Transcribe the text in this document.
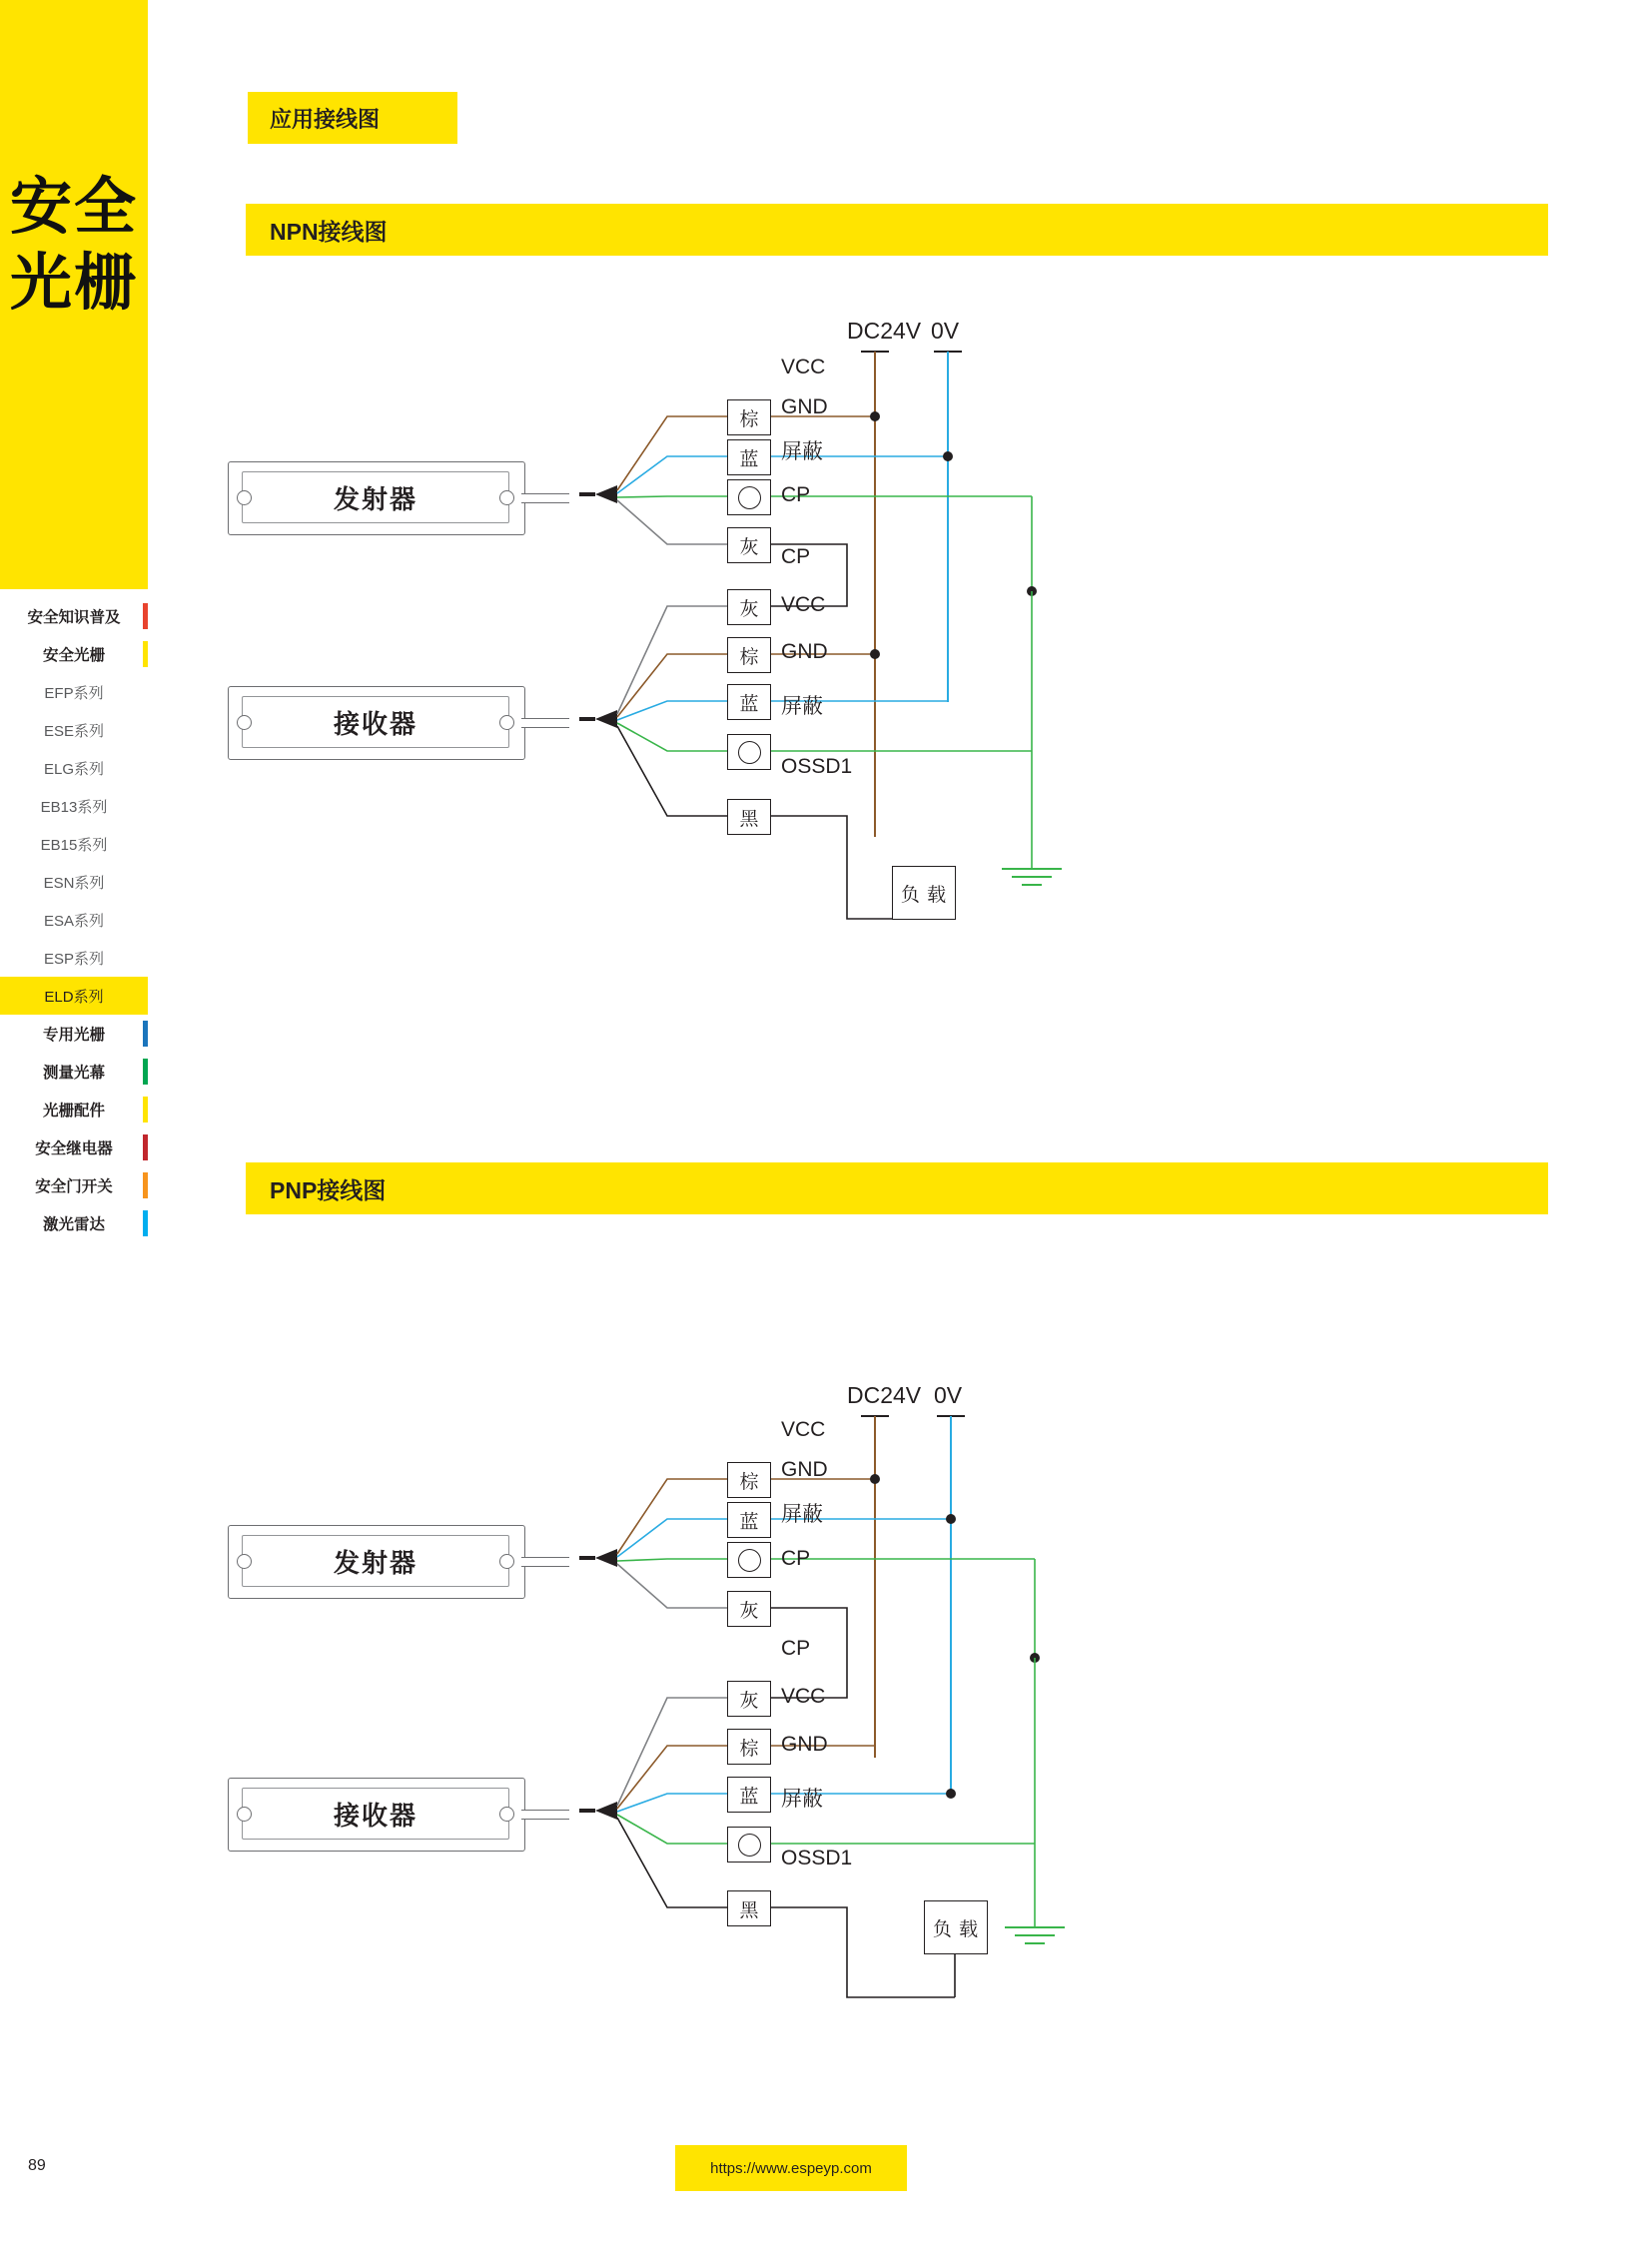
安全光栅
安全知识普及
安全光栅
EFP系列
ESE系列
ELG系列
EB13系列
EB15系列
ESN系列
ESA系列
ESP系列
ELD系列
专用光栅
测量光幕
光栅配件
安全继电器
安全门开关
激光雷达
应用接线图
NPN接线图
PNP接线图
发射器
接收器
DC24V 0V
棕
VCC
蓝
GND
屏蔽
灰
CP
灰
CP
棕
VCC
蓝
GND
屏蔽
黑
OSSD1
负 载
发射器
接收器
DC24V 0V
棕
VCC
蓝
GND
屏蔽
灰
CP
灰
CP
棕
VCC
蓝
GND
屏蔽
黑
OSSD1
负 载
https://www.espeyp.com
89
